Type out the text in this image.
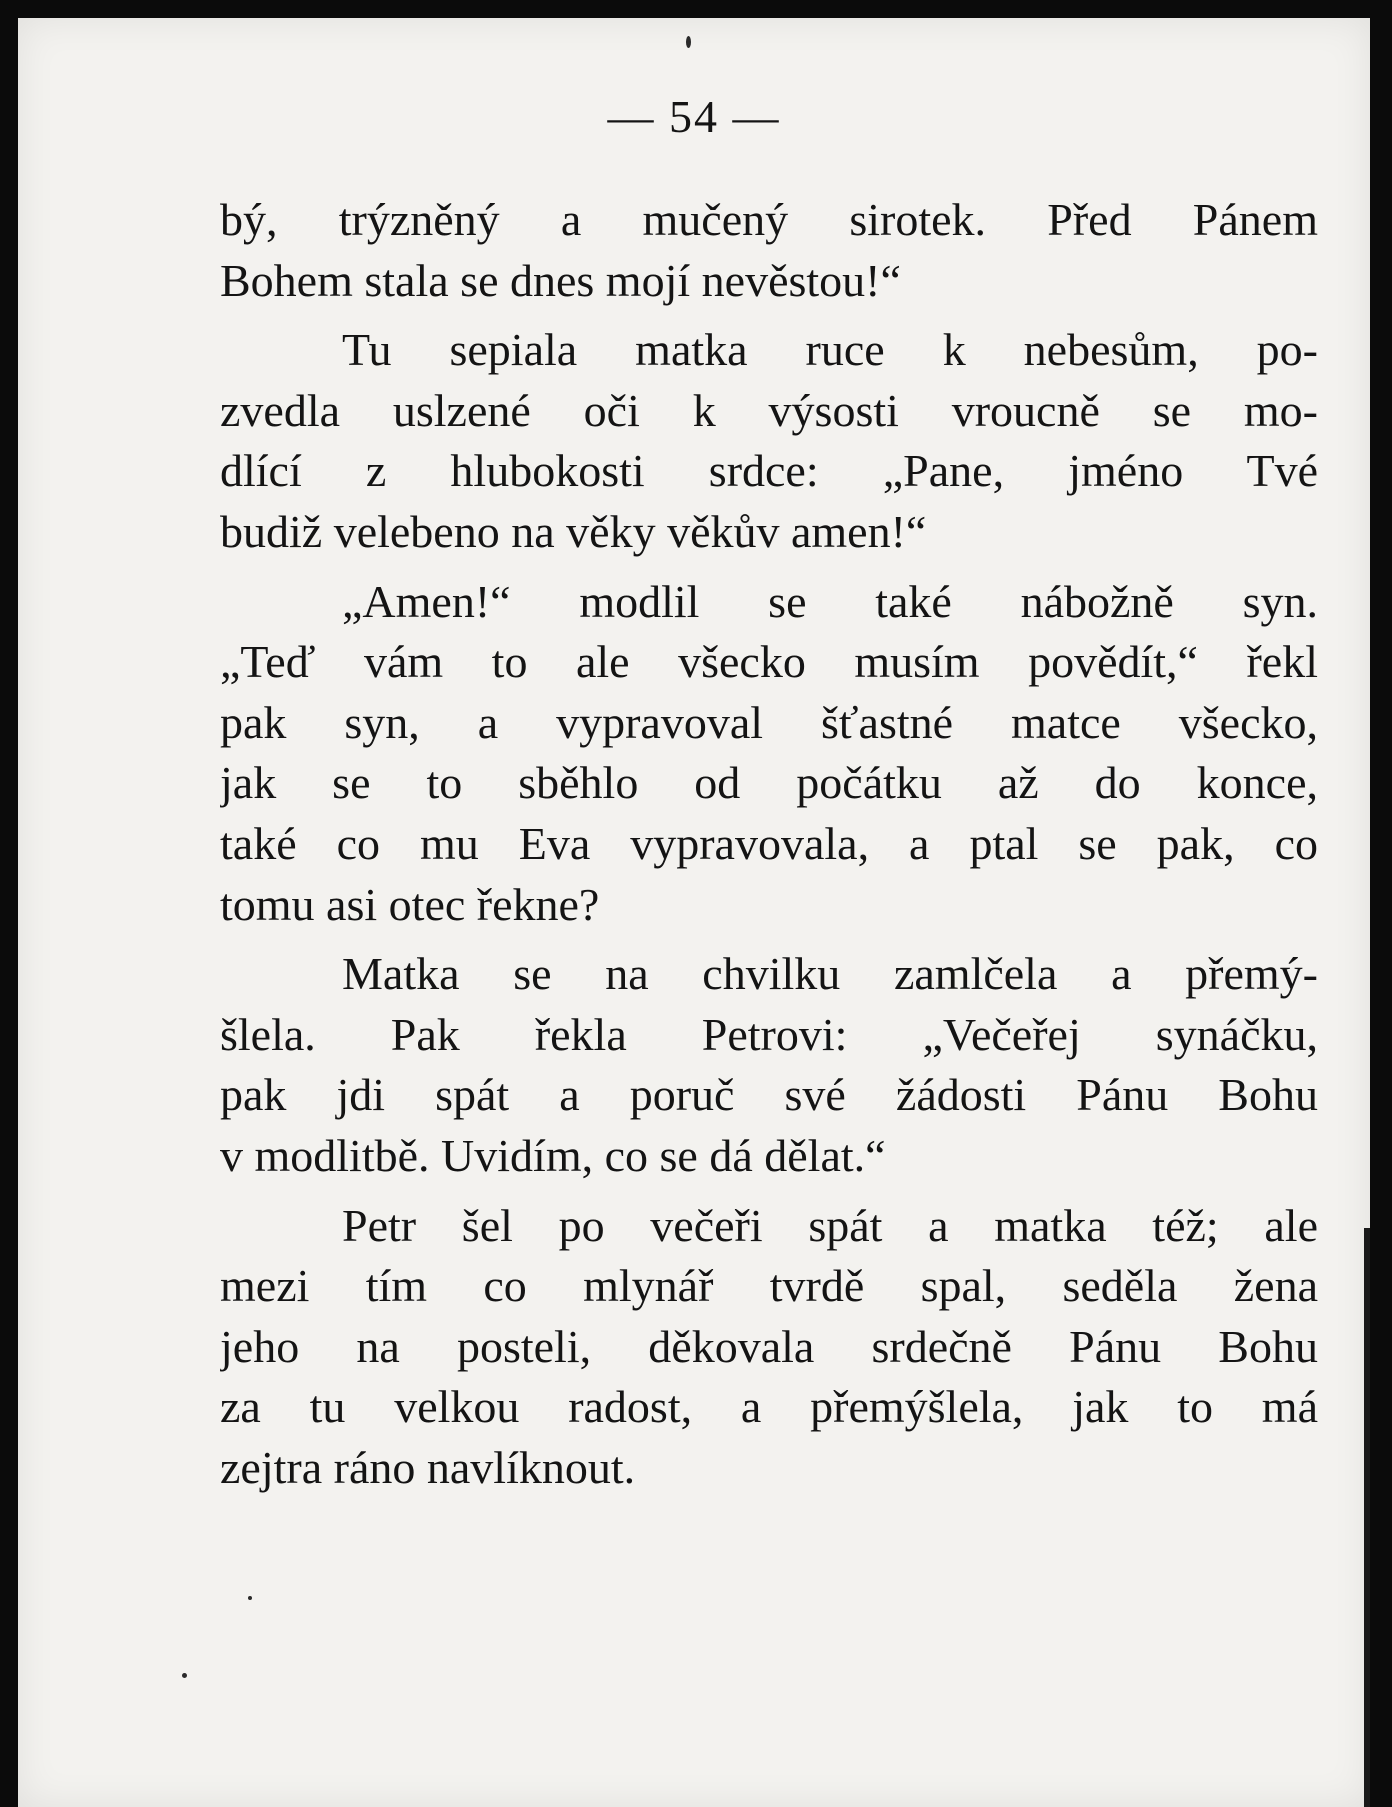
— 54 —
bý, trýzněný a mučený sirotek. Před Pánem
Bohem stala se dnes mojí nevěstou!“
Tu sepiala matka ruce k nebesům, po-
zvedla uslzené oči k výsosti vroucně se mo-
dlící z hlubokosti srdce: „Pane, jméno Tvé
budiž velebeno na věky věkův amen!“
„Amen!“ modlil se také nábožně syn.
„Teď vám to ale všecko musím povědít,“ řekl
pak syn, a vypravoval šťastné matce všecko,
jak se to sběhlo od počátku až do konce,
také co mu Eva vypravovala, a ptal se pak, co
tomu asi otec řekne?
Matka se na chvilku zamlčela a přemý-
šlela. Pak řekla Petrovi: „Večeřej synáčku,
pak jdi spát a poruč své žádosti Pánu Bohu
v modlitbě. Uvidím, co se dá dělat.“
Petr šel po večeři spát a matka též; ale
mezi tím co mlynář tvrdě spal, seděla žena
jeho na posteli, děkovala srdečně Pánu Bohu
za tu velkou radost, a přemýšlela, jak to má
zejtra ráno navlíknout.
